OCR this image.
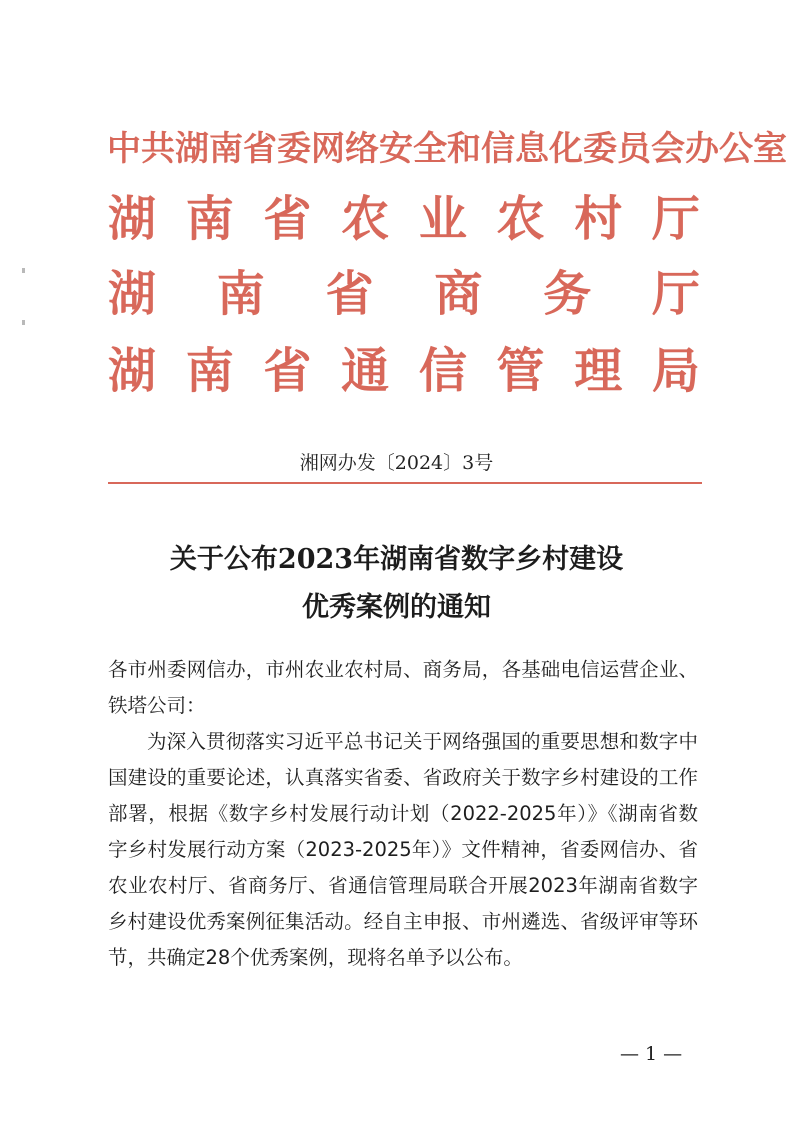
中 共 湖 南 省 委 网 络 安 全 和 信 息 化 委 员 会 办 公 室
湖 南 省 农 业 农 村 厅
湖 南 省 商 务 厅
湖 南 省 通 信 管 理 局
湘网办发〔2024〕3号
关于公布2023年湖南省数字乡村建设
优秀案例的通知

各市州委网信办，市州农业农村局、商务局，各基础电信运营企业、铁塔公司：

为深入贯彻落实习近平总书记关于网络强国的重要思想和数字中国建设的重要论述，认真落实省委、省政府关于数字乡村建设的工作部署，根据《数字乡村发展行动计划（2022-2025年）》《湖南省数字乡村发展行动方案（2023-2025年）》文件精神，省委网信办、省农业农村厅、省商务厅、省通信管理局联合开展2023年湖南省数字乡村建设优秀案例征集活动。经自主申报、市州遴选、省级评审等环节，共确定28个优秀案例，现将名单予以公布。

— 1 —
